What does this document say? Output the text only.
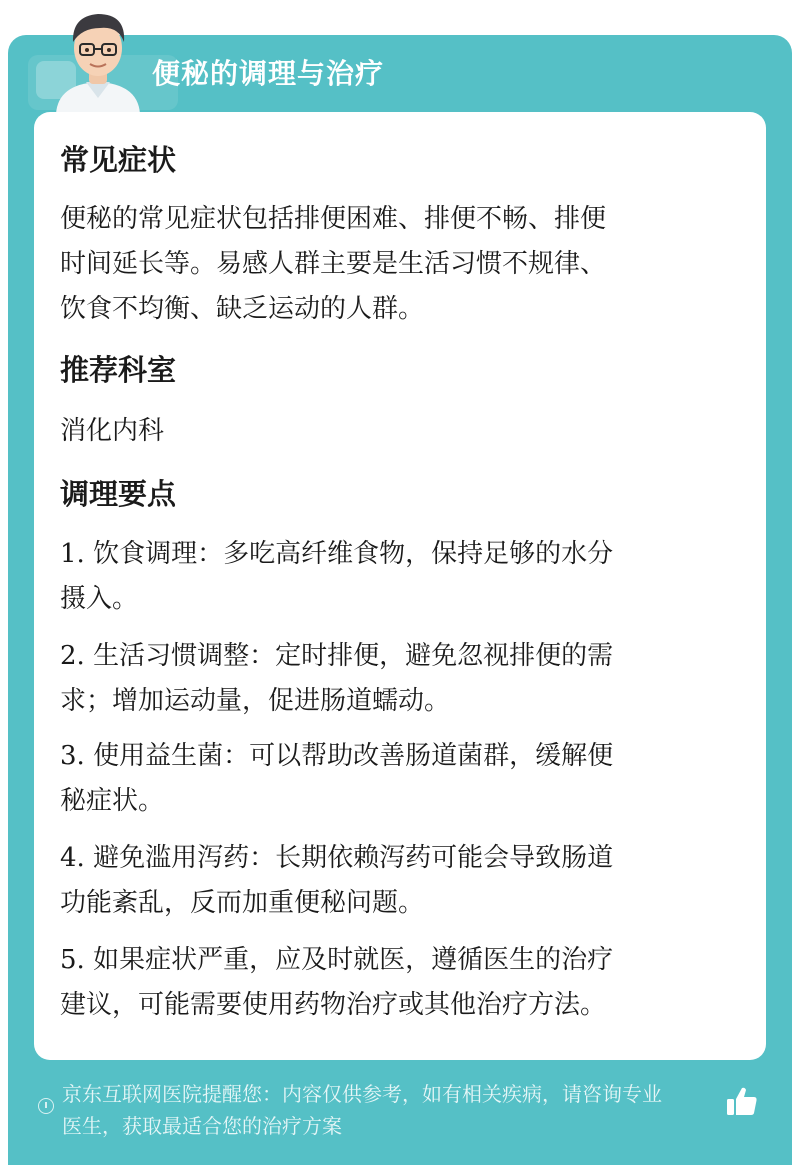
便秘的调理与治疗
常见症状
便秘的常见症状包括排便困难、排便不畅、排便
时间延长等。易感人群主要是生活习惯不规律、
饮食不均衡、缺乏运动的人群。
推荐科室
消化内科
调理要点
1. 饮食调理：多吃高纤维食物，保持足够的水分
摄入。
2. 生活习惯调整：定时排便，避免忽视排便的需
求；增加运动量，促进肠道蠕动。
3. 使用益生菌：可以帮助改善肠道菌群，缓解便
秘症状。
4. 避免滥用泻药：长期依赖泻药可能会导致肠道
功能紊乱，反而加重便秘问题。
5. 如果症状严重，应及时就医，遵循医生的治疗
建议，可能需要使用药物治疗或其他治疗方法。
京东互联网医院提醒您：内容仅供参考，如有相关疾病，请咨询专业
医生，获取最适合您的治疗方案
